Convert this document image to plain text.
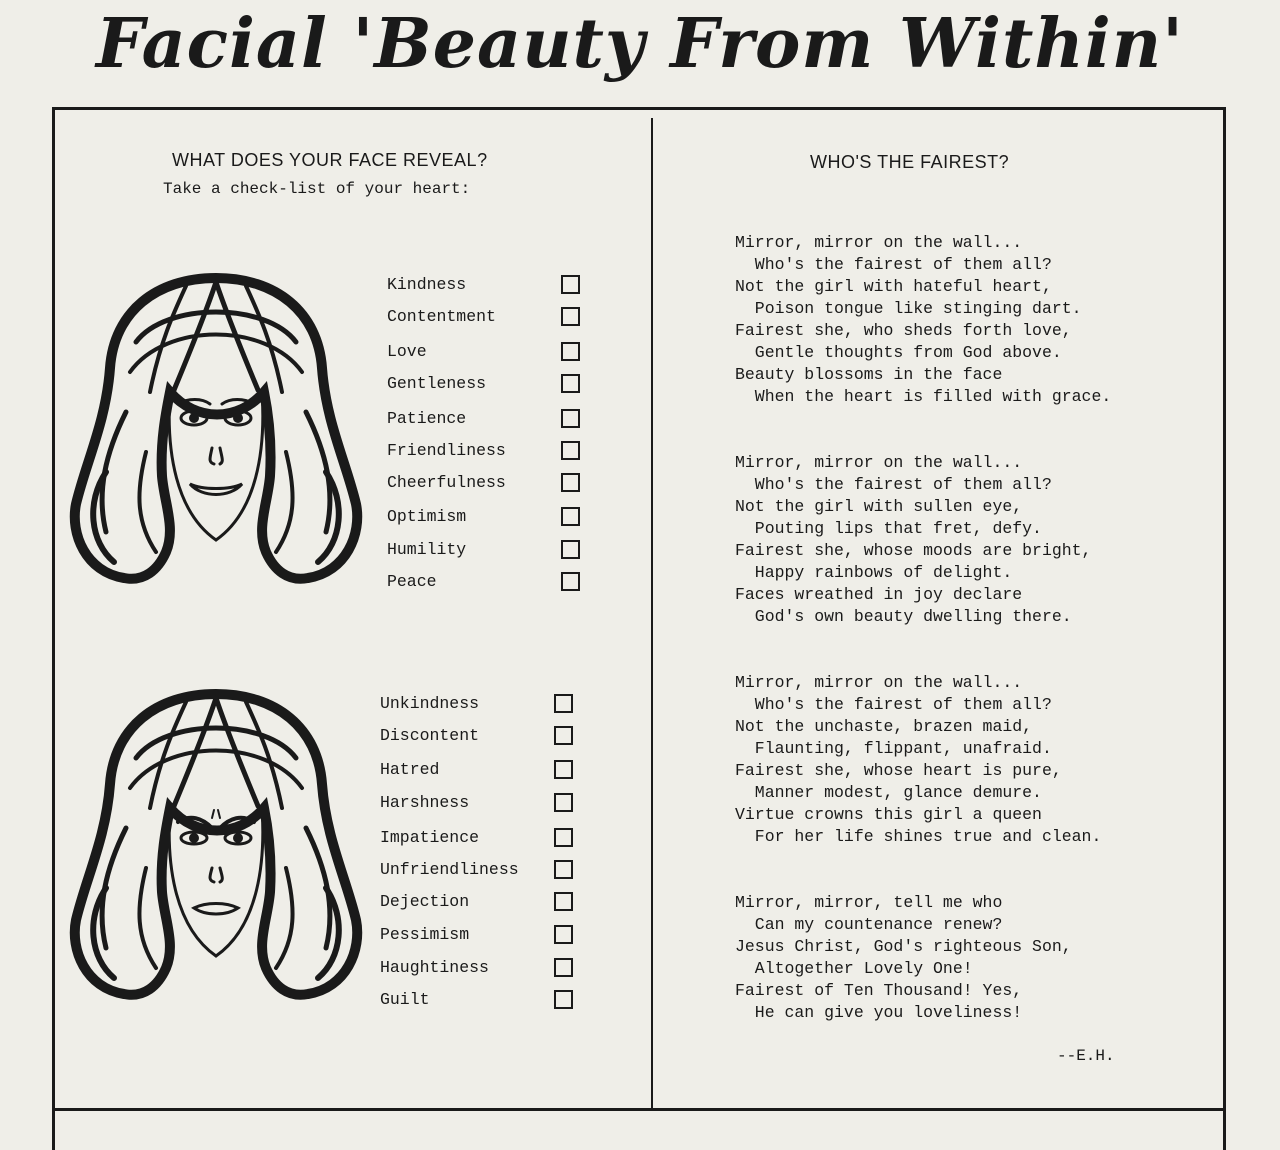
Facial 'Beauty From Within'
WHAT DOES YOUR FACE REVEAL?
Take a check-list of your heart:
WHO'S THE FAIREST?
Kindness
Contentment
Love
Gentleness
Patience
Friendliness
Cheerfulness
Optimism
Humility
Peace
Unkindness
Discontent
Hatred
Harshness
Impatience
Unfriendliness
Dejection
Pessimism
Haughtiness
Guilt
Mirror, mirror on the wall...
Who's the fairest of them all?
Not the girl with hateful heart,
Poison tongue like stinging dart.
Fairest she, who sheds forth love,
Gentle thoughts from God above.
Beauty blossoms in the face
When the heart is filled with grace.
Mirror, mirror on the wall...
Who's the fairest of them all?
Not the girl with sullen eye,
Pouting lips that fret, defy.
Fairest she, whose moods are bright,
Happy rainbows of delight.
Faces wreathed in joy declare
God's own beauty dwelling there.
Mirror, mirror on the wall...
Who's the fairest of them all?
Not the unchaste, brazen maid,
Flaunting, flippant, unafraid.
Fairest she, whose heart is pure,
Manner modest, glance demure.
Virtue crowns this girl a queen
For her life shines true and clean.
Mirror, mirror, tell me who
Can my countenance renew?
Jesus Christ, God's righteous Son,
Altogether Lovely One!
Fairest of Ten Thousand! Yes,
He can give you loveliness!
--E.H.
